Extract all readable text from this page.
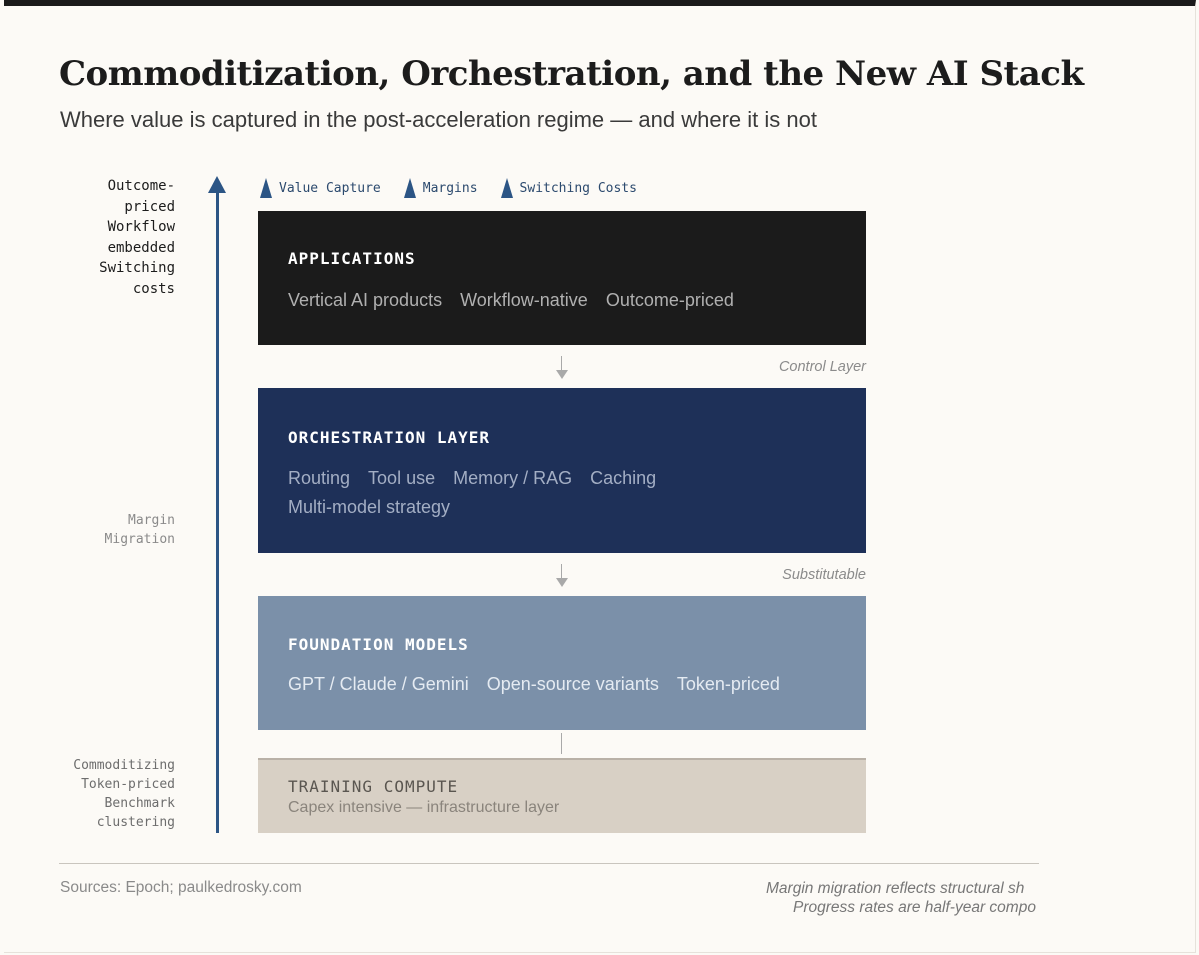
Commoditization, Orchestration, and the New AI Stack
Where value is captured in the post-acceleration regime — and where it is not
Outcome-
priced
Workflow
embedded
Switching
costs
Margin
Migration
Commoditizing
Token-priced
Benchmark
clustering
Value Capture	Margins	Switching Costs
APPLICATIONS
Vertical AI products Workflow-native Outcome-priced
Control Layer
ORCHESTRATION LAYER
Routing Tool use Memory / RAG CachingMulti-model strategy
Substitutable
FOUNDATION MODELS
GPT / Claude / Gemini Open-source variants Token-priced
TRAINING COMPUTE
Capex intensive — infrastructure layer
Sources: Epoch; paulkedrosky.com	Margin migration reflects structural sh
Progress rates are half-year compo
